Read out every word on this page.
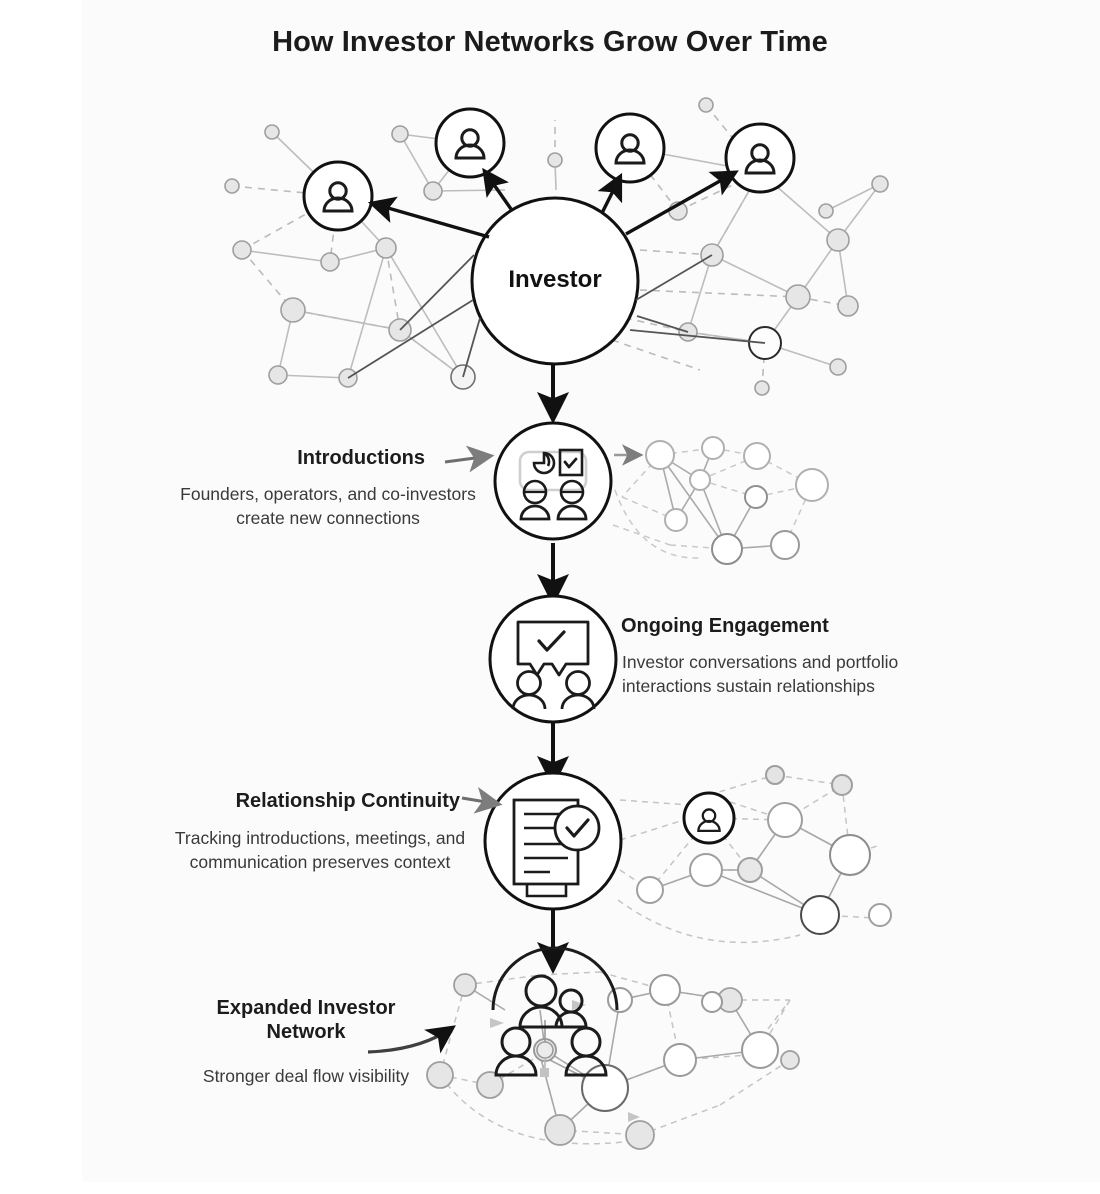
How Investor Networks Grow Over Time
Investor
Introductions
Founders, operators, and co-investors create new connections
Ongoing Engagement
Investor conversations and portfolio interactions sustain relationships
Relationship Continuity
Tracking introductions, meetings, and communication preserves context
Expanded Investor Network
Stronger deal flow visibility
